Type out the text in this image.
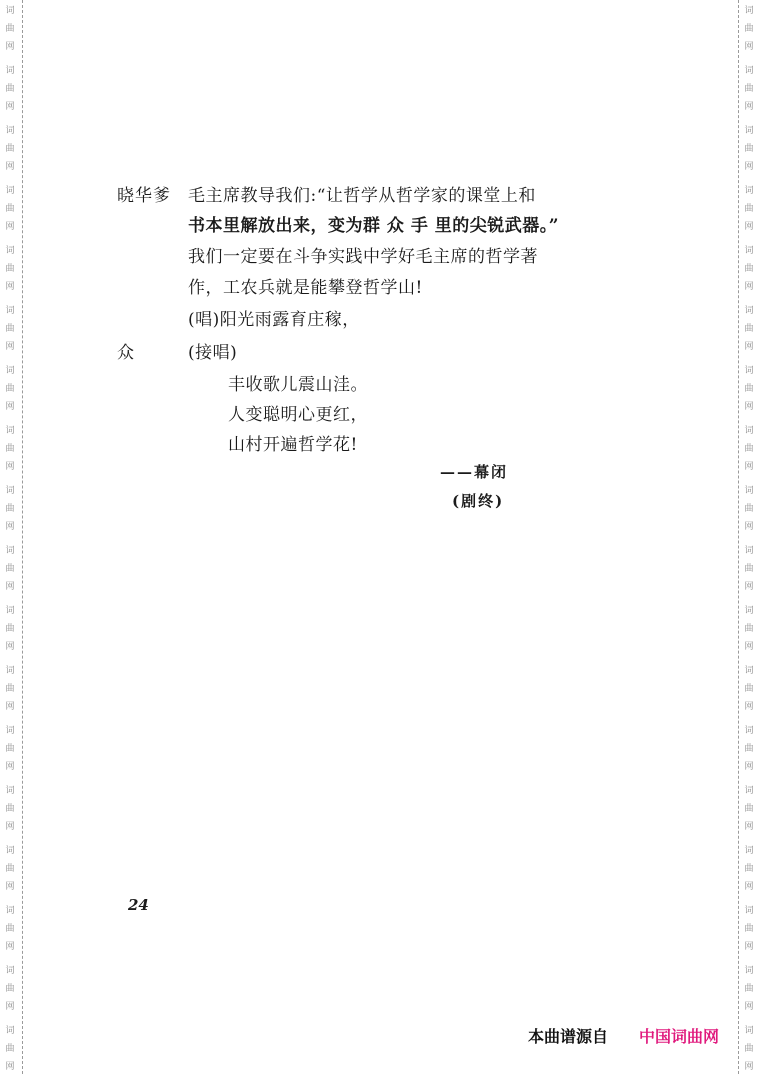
词
曲
网
词
曲
网
词
曲
网
词
曲
网
词
曲
网
词
曲
网
词
曲
网
词
曲
网
词
曲
网
词
曲
网
词
曲
网
词
曲
网
词
曲
网
词
曲
网
词
曲
网
词
曲
网
词
曲
网
词
曲
网
词
曲
网
词
曲
网
词
曲
网
词
曲
网
词
曲
网
词
曲
网
词
曲
网
词
曲
网
词
曲
网
词
曲
网
词
曲
网
词
曲
网
词
曲
网
词
曲
网
词
曲
网
词
曲
网
词
曲
网
词
曲
网
晓华爹 毛主席教导我们:“让哲学从哲学家的课堂上和
书本里解放出来，变为群 众 手 里的尖锐武器。”
我们一定要在斗争实践中学好毛主席的哲学著
作，工农兵就是能攀登哲学山!
(唱)阳光雨露育庄稼，
众	(接唱)
丰收歌儿震山洼。
人变聪明心更红，
山村开遍哲学花!
——幕闭
(剧终)
24
本曲谱源自 中国词曲网
